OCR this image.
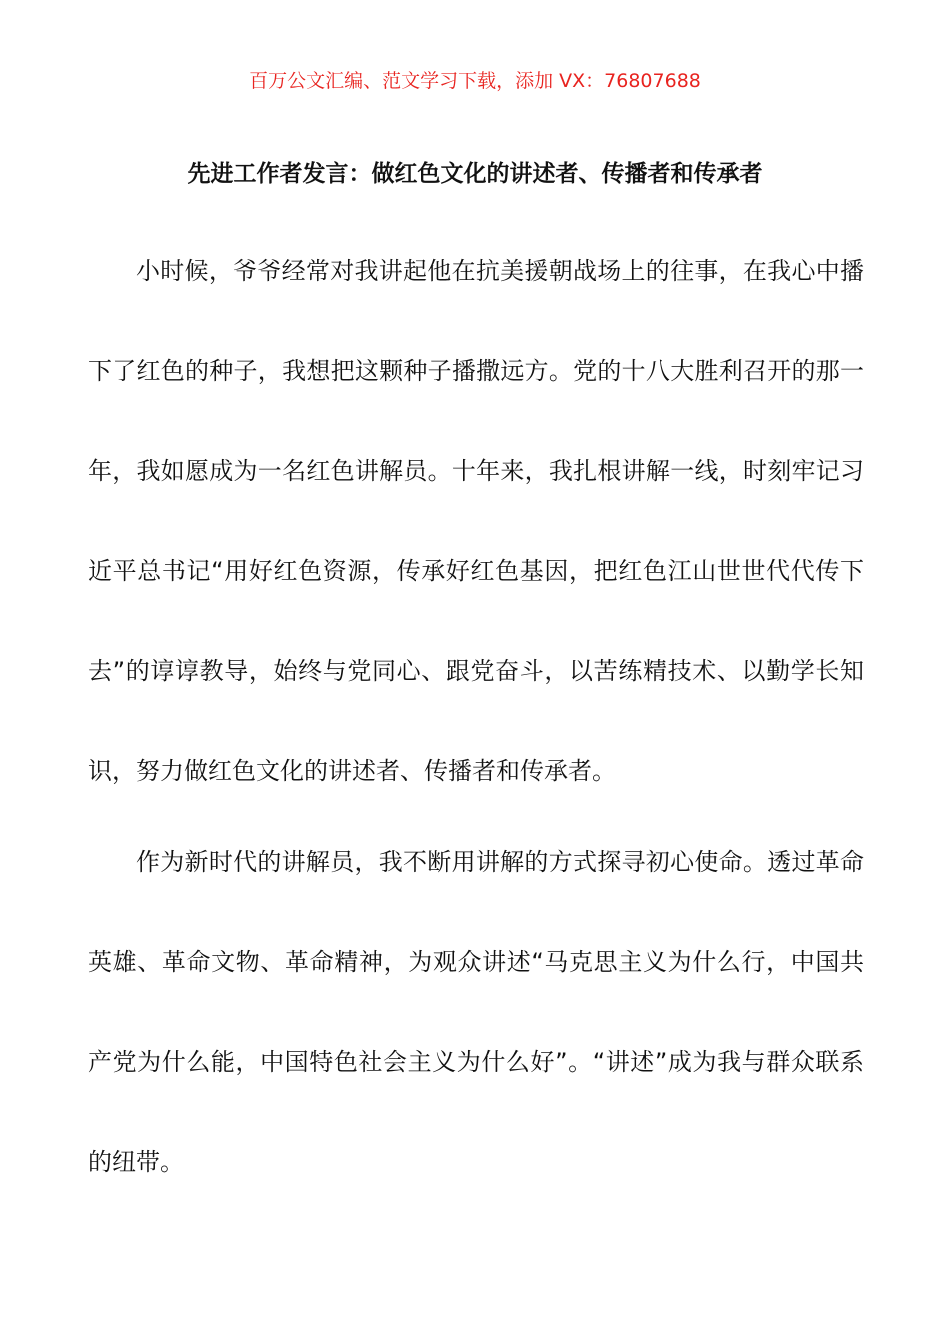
百万公文汇编、范文学习下载，添加 VX：76807688
先进工作者发言：做红色文化的讲述者、传播者和传承者

小时候，爷爷经常对我讲起他在抗美援朝战场上的往事，在我心中播下了红色的种子，我想把这颗种子播撒远方。党的十八大胜利召开的那一年，我如愿成为一名红色讲解员。十年来，我扎根讲解一线，时刻牢记习近平总书记“用好红色资源，传承好红色基因，把红色江山世世代代传下去”的谆谆教导，始终与党同心、跟党奋斗，以苦练精技术、以勤学长知识，努力做红色文化的讲述者、传播者和传承者。

作为新时代的讲解员，我不断用讲解的方式探寻初心使命。透过革命英雄、革命文物、革命精神，为观众讲述“马克思主义为什么行，中国共产党为什么能，中国特色社会主义为什么好”。“讲述”成为我与群众联系的纽带。
